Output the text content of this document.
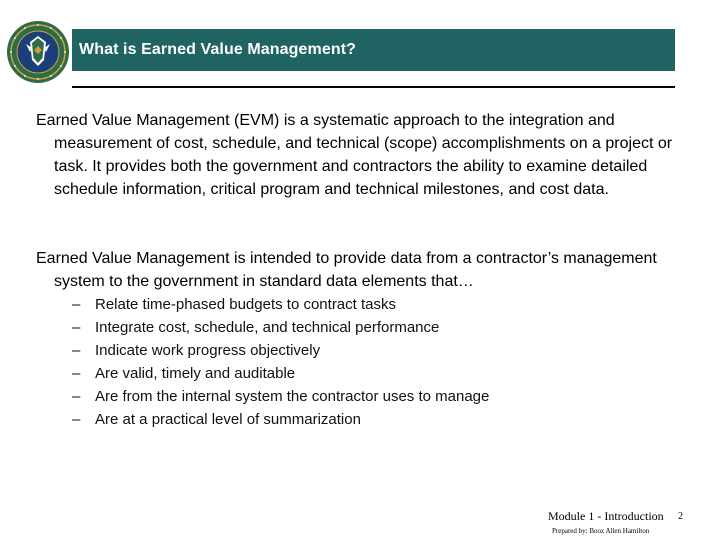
What is Earned Value Management?

Earned Value Management (EVM) is a systematic approach to the integration and measurement of cost, schedule, and technical (scope) accomplishments on a project or task. It provides both the government and contractors the ability to examine detailed schedule information, critical program and technical milestones, and cost data.

Earned Value Management is intended to provide data from a contractor’s management system to the government in standard data elements that…

– Relate time-phased budgets to contract tasks
– Integrate cost, schedule, and technical performance
– Indicate work progress objectively
– Are valid, timely and auditable
– Are from the internal system the contractor uses to manage
– Are at a practical level of summarization
Module 1 - Introduction 2
Prepared by: Booz Allen Hamilton
